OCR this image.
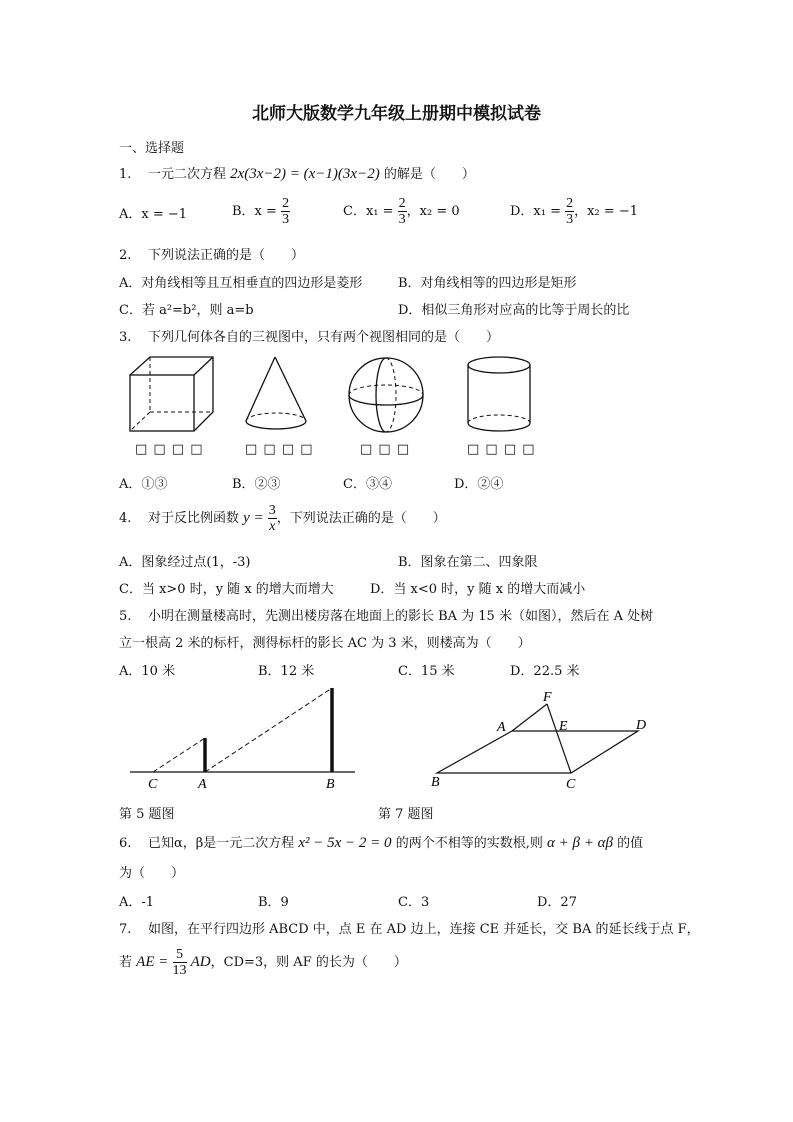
北师大版数学九年级上册期中模拟试卷
一、选择题
1. 一元二次方程 2x(3x−2) = (x−1)(3x−2) 的解是（　　）
A．x = −1	B．$x = \frac{2}{3}$	C．$x_1 = \frac{2}{3}$ ，x₂ = 0	D．$x_1 = \frac{2}{3}$ ，x₂ = −1
2. 下列说法正确的是（　　）
A．对角线相等且互相垂直的四边形是菱形	B．对角线相等的四边形是矩形
C．若 a²=b²，则 a=b	D．相似三角形对应高的比等于周长的比
3. 下列几何体各自的三视图中，只有两个视图相同的是（　　）
□ □ □ □	□ □ □ □	□ □ □	□ □ □ □
A．①③	B．②③	C．③④	D．②④
4. 对于反比例函数 $y = \frac{3}{x}$ ，下列说法正确的是（　　）
A．图象经过点(1，-3)	B．图象在第二、四象限
C．当 x>0 时，y 随 x 的增大而增大	D．当 x<0 时，y 随 x 的增大而减小
5. 小明在测量楼高时，先测出楼房落在地面上的影长 BA 为 15 米（如图），然后在 A 处树
立一根高 2 米的标杆，测得标杆的影长 AC 为 3 米，则楼高为（　　）
A．10 米	B．12 米	C．15 米	D．22.5 米
C	A	B
F
A	E	D
B	C
第 5 题图	第 7 题图
6. 已知α，β是一元二次方程 x² − 5x − 2 = 0 的两个不相等的实数根,则 α + β + αβ 的值
为（　　）
A．-1	B．9	C．3	D．27
7. 如图，在平行四边形 ABCD 中，点 E 在 AD 边上，连接 CE 并延长，交 BA 的延长线于点 F，
若 AE = $\frac{5}{13}$ AD，CD=3，则 AF 的长为（　　）
